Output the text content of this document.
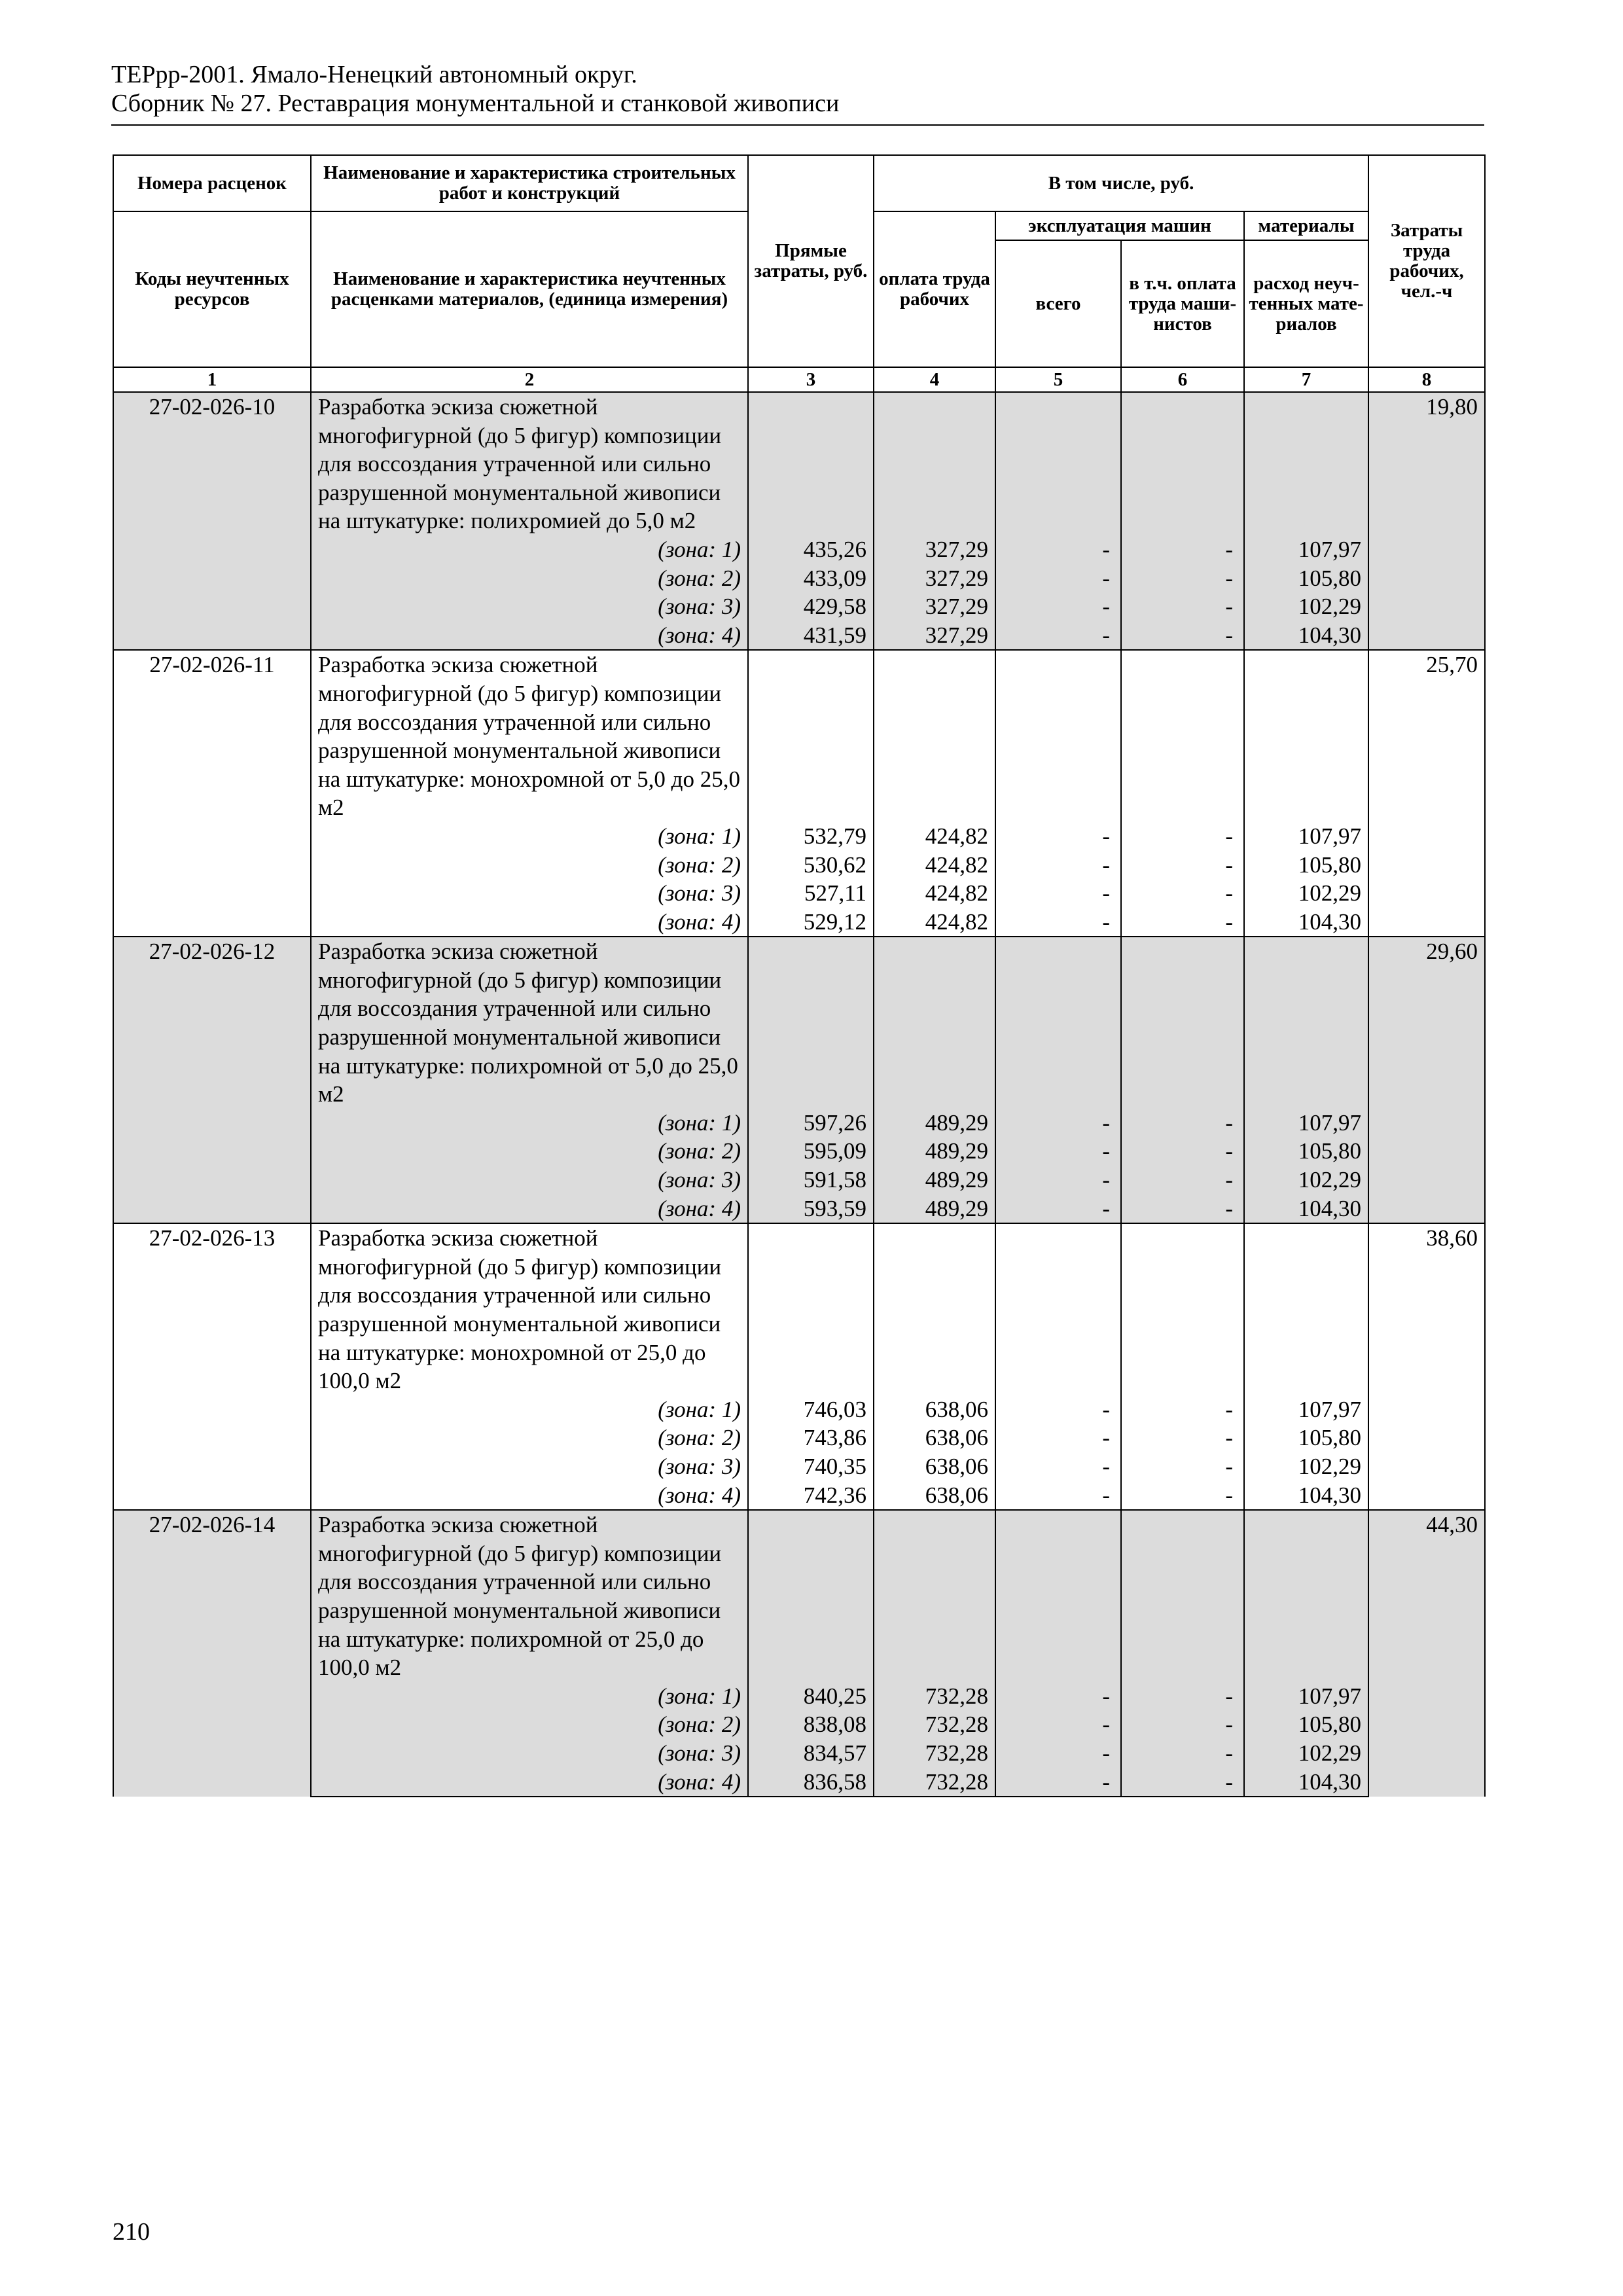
ТЕРрр-2001. Ямало-Ненецкий автономный округ.
Сборник № 27. Реставрация монументальной и станковой живописи
Номера расценок	Наименование и характеристика строительных работ и конструкций	Прямые затраты, руб.	В том числе, руб.				Затраты труда рабочих, чел.-ч
Коды неучтенных ресурсов	Наименование и характеристика неучтенных расценками материалов, (единица измерения)		оплата труда рабочих	эксплуатация машин		материалы	
				всего	в т.ч. оплата труда маши- нистов	расход неуч- тенных мате- риалов	
1	2	3	4	5	6	7	8
27-02-026-10	Разработка эскиза сюжетной многофигурной (до 5 фигур) композиции для воссоздания утраченной или сильно разрушенной монументальной живописи на штукатурке: полихромией до 5,0 м2						19,80
	(зона: 1)	435,26	327,29	-	-	107,97	
	(зона: 2)	433,09	327,29	-	-	105,80	
	(зона: 3)	429,58	327,29	-	-	102,29	
	(зона: 4)	431,59	327,29	-	-	104,30	
27-02-026-11	Разработка эскиза сюжетной многофигурной (до 5 фигур) композиции для воссоздания утраченной или сильно разрушенной монументальной живописи на штукатурке: монохромной от 5,0 до 25,0 м2						25,70
	(зона: 1)	532,79	424,82	-	-	107,97	
	(зона: 2)	530,62	424,82	-	-	105,80	
	(зона: 3)	527,11	424,82	-	-	102,29	
	(зона: 4)	529,12	424,82	-	-	104,30	
27-02-026-12	Разработка эскиза сюжетной многофигурной (до 5 фигур) композиции для воссоздания утраченной или сильно разрушенной монументальной живописи на штукатурке: полихромной от 5,0 до 25,0 м2						29,60
	(зона: 1)	597,26	489,29	-	-	107,97	
	(зона: 2)	595,09	489,29	-	-	105,80	
	(зона: 3)	591,58	489,29	-	-	102,29	
	(зона: 4)	593,59	489,29	-	-	104,30	
27-02-026-13	Разработка эскиза сюжетной многофигурной (до 5 фигур) композиции для воссоздания утраченной или сильно разрушенной монументальной живописи на штукатурке: монохромной от 25,0 до 100,0 м2						38,60
	(зона: 1)	746,03	638,06	-	-	107,97	
	(зона: 2)	743,86	638,06	-	-	105,80	
	(зона: 3)	740,35	638,06	-	-	102,29	
	(зона: 4)	742,36	638,06	-	-	104,30	
27-02-026-14	Разработка эскиза сюжетной многофигурной (до 5 фигур) композиции для воссоздания утраченной или сильно разрушенной монументальной живописи на штукатурке: полихромной от 25,0 до 100,0 м2						44,30
	(зона: 1)	840,25	732,28	-	-	107,97	
	(зона: 2)	838,08	732,28	-	-	105,80	
	(зона: 3)	834,57	732,28	-	-	102,29	
	(зона: 4)	836,58	732,28	-	-	104,30	
210
